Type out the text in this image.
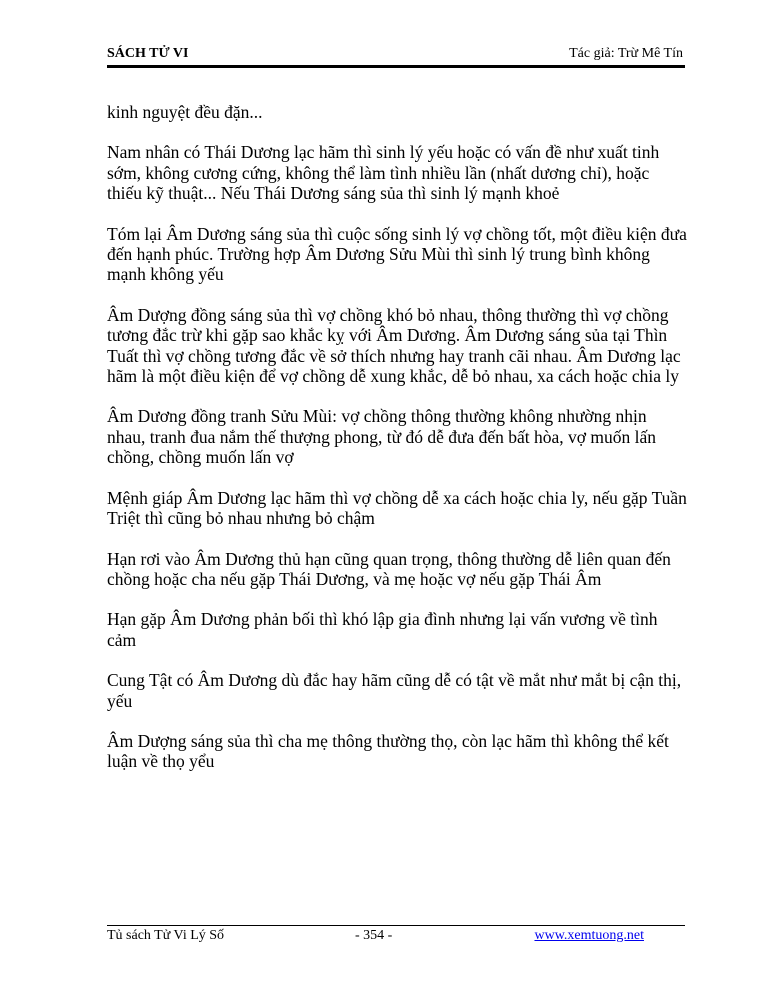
SÁCH TỬ VI	Tác giả: Trừ Mê Tín

kinh nguyệt đều đặn...

Nam nhân có Thái Dương lạc hãm thì sinh lý yếu hoặc có vấn đề như xuất tinh sớm, không cương cứng, không thể làm tình nhiều lần (nhất dương chỉ), hoặc thiếu kỹ thuật... Nếu Thái Dương sáng sủa thì sinh lý mạnh khoẻ

Tóm lại Âm Dương sáng sủa thì cuộc sống sinh lý vợ chồng tốt, một điều kiện đưa đến hạnh phúc. Trường hợp Âm Dương Sửu Mùi thì sinh lý trung bình không mạnh không yếu

Âm Dượng đồng sáng sủa thì vợ chồng khó bỏ nhau, thông thường thì vợ chồng tương đắc trừ khi gặp sao khắc kỵ với Âm Dương. Âm Dương sáng sủa tại Thìn Tuất thì vợ chồng tương đắc về sở thích nhưng hay tranh cãi nhau. Âm Dương lạc hãm là một điều kiện để vợ chồng dễ xung khắc, dễ bỏ nhau, xa cách hoặc chia ly

Âm Dương đồng tranh Sửu Mùi: vợ chồng thông thường không nhường nhịn nhau, tranh đua nắm thế thượng phong, từ đó dễ đưa đến bất hòa, vợ muốn lấn chồng, chồng muốn lấn vợ

Mệnh giáp Âm Dương lạc hãm thì vợ chồng dễ xa cách hoặc chia ly, nếu gặp Tuần Triệt thì cũng bỏ nhau nhưng bỏ chậm

Hạn rơi vào Âm Dương thủ hạn cũng quan trọng, thông thường dễ liên quan đến chồng hoặc cha nếu gặp Thái Dương, và mẹ hoặc vợ nếu gặp Thái Âm

Hạn gặp Âm Dương phản bối thì khó lập gia đình nhưng lại vấn vương về tình cảm

Cung Tật có Âm Dương dù đắc hay hãm cũng dễ có tật về mắt như mắt bị cận thị, yếu

Âm Dượng sáng sủa thì cha mẹ thông thường thọ, còn lạc hãm thì không thể kết luận về thọ yểu

Tủ sách Tử Vi Lý Số	- 354 -	www.xemtuong.net
